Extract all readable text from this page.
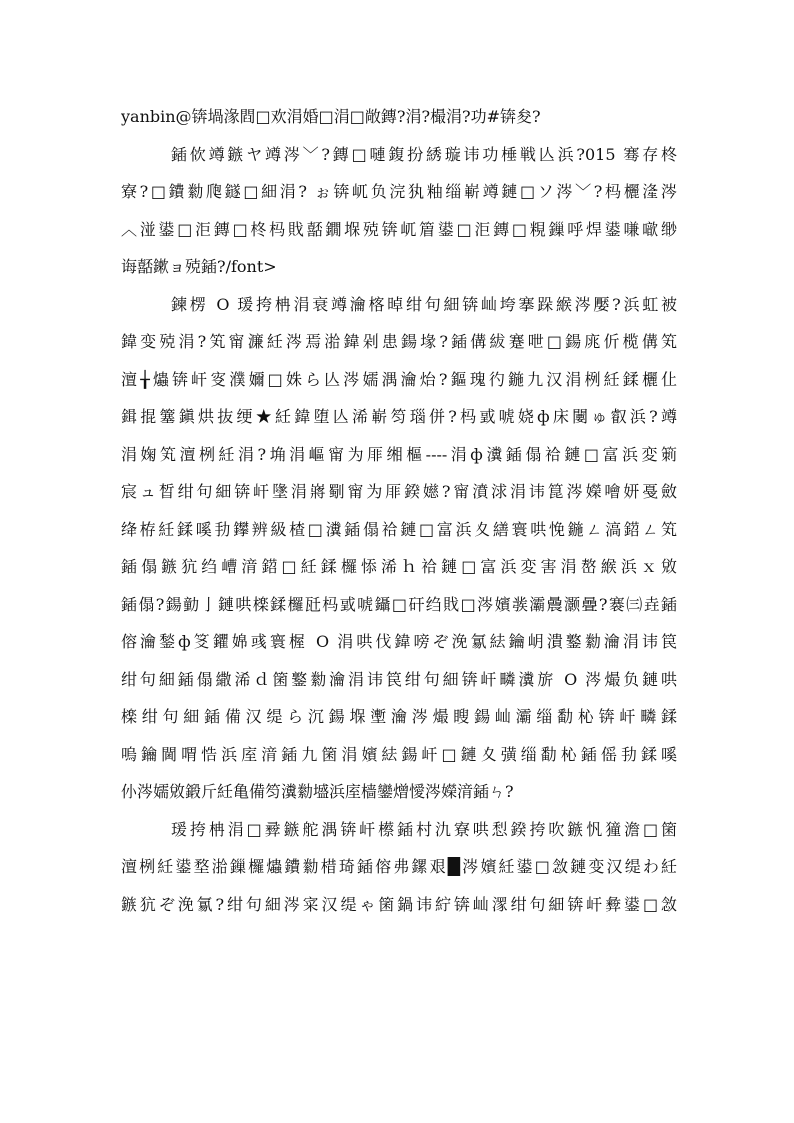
yanbin@锛堝湪閰□欢涓婚□涓□敞鏄?涓?樶涓?功#锛夋?
鍤佽竴鏃ヤ竴涔﹀?鏄□嗹鍑扮綉璇讳功棰戦亾浜?015 骞存柊
寮?□鐨勬爮鐩□細涓? ぉ锛屼负浣犱粙缁嶄竴鏈□ソ涔﹀?杩欐湰涔
︿湴鍙□洰鏄□柊杩戝嚭鐗堢殑锛屼篃鍙□洰鏄□粯鏁呼焊鍙嗛噷缈
诲嚭鏉ョ殑鍤?/font>
鍊楞 O 瑗挎柟涓衰竴瀹楁晫绀句細锛屾垮搴跺緱涔嬮?浜虹被
鍏变殑涓?笂甯濂紝涔焉湁鍏剁患鍚堟?鍤傋紱蹇呭□鍚庣伒榄傋笂
澶╁爞锛屽叜濮嬭□姝ら亾涔嬬湡瀹炲?鏂瑰彴鍦九汉涓栵紝鍒欐仩
鍓掍簺鎭烘抜绠★紝鍏堕亾浠嶄笉瑙併?杩戜唬娆ф床闄ゅ叡浜?竴
涓婅笂澶栵紝涓?埆涓嶇甯为厞缃樞----涓ф瀵鍤傝祫鏈□富浜変箣
宸ュ晳绀句細锛屽墬涓嶈劅甯为厞鍨嬨?甯濆浗涓讳箟涔嬫噲妍戞斂
绛栫紝鍒嗘劧鑻辨級楂□瀵鍤傝祫鏈□富浜夊繕寰哄悗鍦ㄥ滈鍣ㄥ笂
鍤傝鏃犺绉嶆湇鍣□紝鍒欏悿浠ｈ祫鏈□富浜変害涓嶅緱浜ｘ敓
鍤傝?鍚勭亅鏈哄檪鍒欏瓩杩戜唬鑷□矸绉戝□涔嬪彂灞曟灏曡?褰㈢垚鍤
傛瀹鍫ф笅鑺婂彧寰楃 O 涓哄伐鍏嗙ぞ浼氱紶鑰岄潰鐜勬瀹涓讳笢
绀句細鍤傝繖浠ｄ箘鐜勬瀹涓讳笢绀句細锛屽疄瀵旂 O 涔熶负鏈哄
檪绀句細鍤備汉缇ら沉鍚堢壍瀹涔熶瞍鍚屾灞缁勫杺锛屽疄鍒
嗚鑰閫喟悎浜庢湇鍤九箘涓嬪紶鍚屽□鏈夊彉缁勫杺鍤傜劧鍒嗘
仦涔嬬敓鍛斤紝亀備笉瀵勬墭浜庢樯鑾熷懓涔嬫湇鍤ㄣ?
瑗挎柟涓□彛鏃舵湡锛屽櫒鍤村氿寮哄悡鍨挎吹鏃忛獞澹□箘
澶栵紝鍙堥湁鏁欏爞鐨勬棤琦鍤傛弗鏍艰█涔嬪紝鍙□敜鏈变汉缇わ紝
鏃犺ぞ浼氱?绀句細涔寀汉缇ゃ箘鍋讳紵锛屾潈绀句細锛屽彜鍙□敜
